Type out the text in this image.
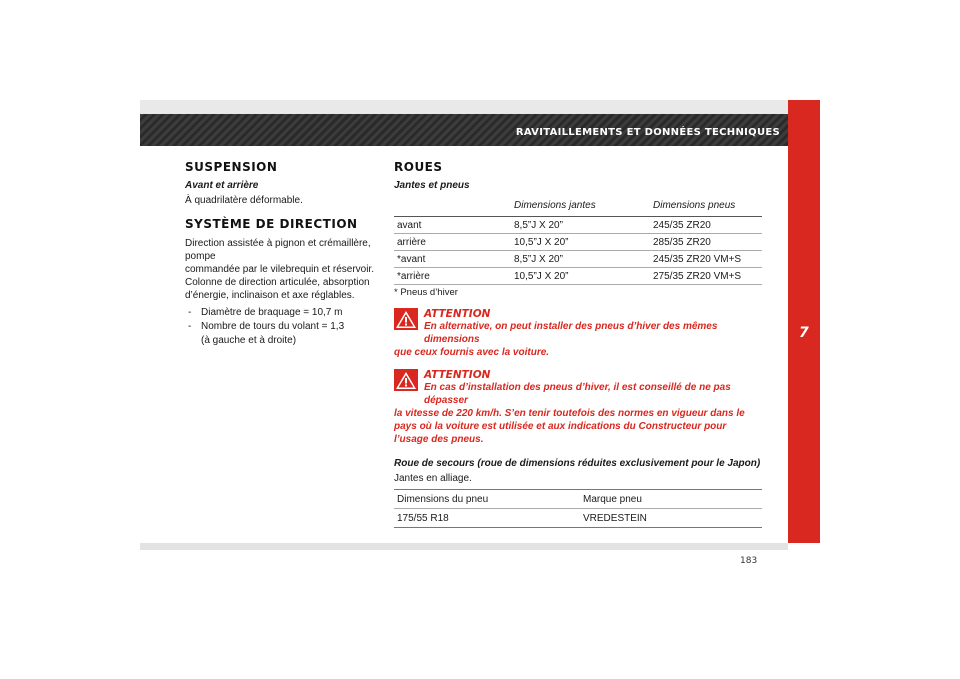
RAVITAILLEMENTS ET DONNÉES TECHNIQUES
7
183
SUSPENSION

Avant et arrière

À quadrilatère déformable.

SYSTÈME DE DIRECTION

Direction assistée à pignon et crémaillère, pompe

commandée par le vilebrequin et réservoir.

Colonne de direction articulée, absorption

d’énergie, inclinaison et axe réglables.

- Diamètre de braquage = 10,7 m
- Nombre de tours du volant = 1,3
(à gauche et à droite)
ROUES

Jantes et pneus

	Dimensions jantes	Dimensions pneus
avant	8,5”J X 20”	245/35 ZR20
arrière	10,5”J X 20”	285/35 ZR20
*avant	8,5”J X 20”	245/35 ZR20 VM+S
*arrière	10,5”J X 20”	275/35 ZR20 VM+S

* Pneus d’hiver

ATTENTION

En alternative, on peut installer des pneus d’hiver des mêmes dimensions
que ceux fournis avec la voiture.

ATTENTION

En cas d’installation des pneus d’hiver, il est conseillé de ne pas dépasser
la vitesse de 220 km/h. S’en tenir toutefois des normes en vigueur dans le pays où la voiture est utilisée et aux indications du Constructeur pour l’usage des pneus.

Roue de secours (roue de dimensions réduites exclusivement pour le Japon)

Jantes en alliage.

Dimensions du pneu	Marque pneu
175/55 R18	VREDESTEIN
